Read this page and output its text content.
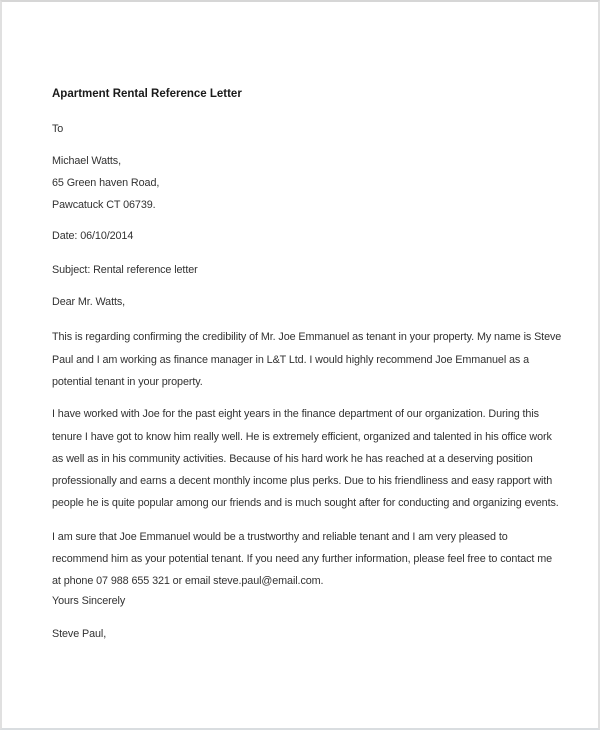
Apartment Rental Reference Letter
To
Michael Watts,
65 Green haven Road,
Pawcatuck CT 06739.
Date: 06/10/2014
Subject: Rental reference letter
Dear Mr. Watts,
This is regarding confirming the credibility of Mr. Joe Emmanuel as tenant in your property. My name is Steve
Paul and I am working as finance manager in L&T Ltd. I would highly recommend Joe Emmanuel as a
potential tenant in your property.
I have worked with Joe for the past eight years in the finance department of our organization. During this
tenure I have got to know him really well. He is extremely efficient, organized and talented in his office work
as well as in his community activities. Because of his hard work he has reached at a deserving position
professionally and earns a decent monthly income plus perks. Due to his friendliness and easy rapport with
people he is quite popular among our friends and is much sought after for conducting and organizing events.
I am sure that Joe Emmanuel would be a trustworthy and reliable tenant and I am very pleased to
recommend him as your potential tenant. If you need any further information, please feel free to contact me
at phone 07 988 655 321 or email steve.paul@email.com.
Yours Sincerely
Steve Paul,
